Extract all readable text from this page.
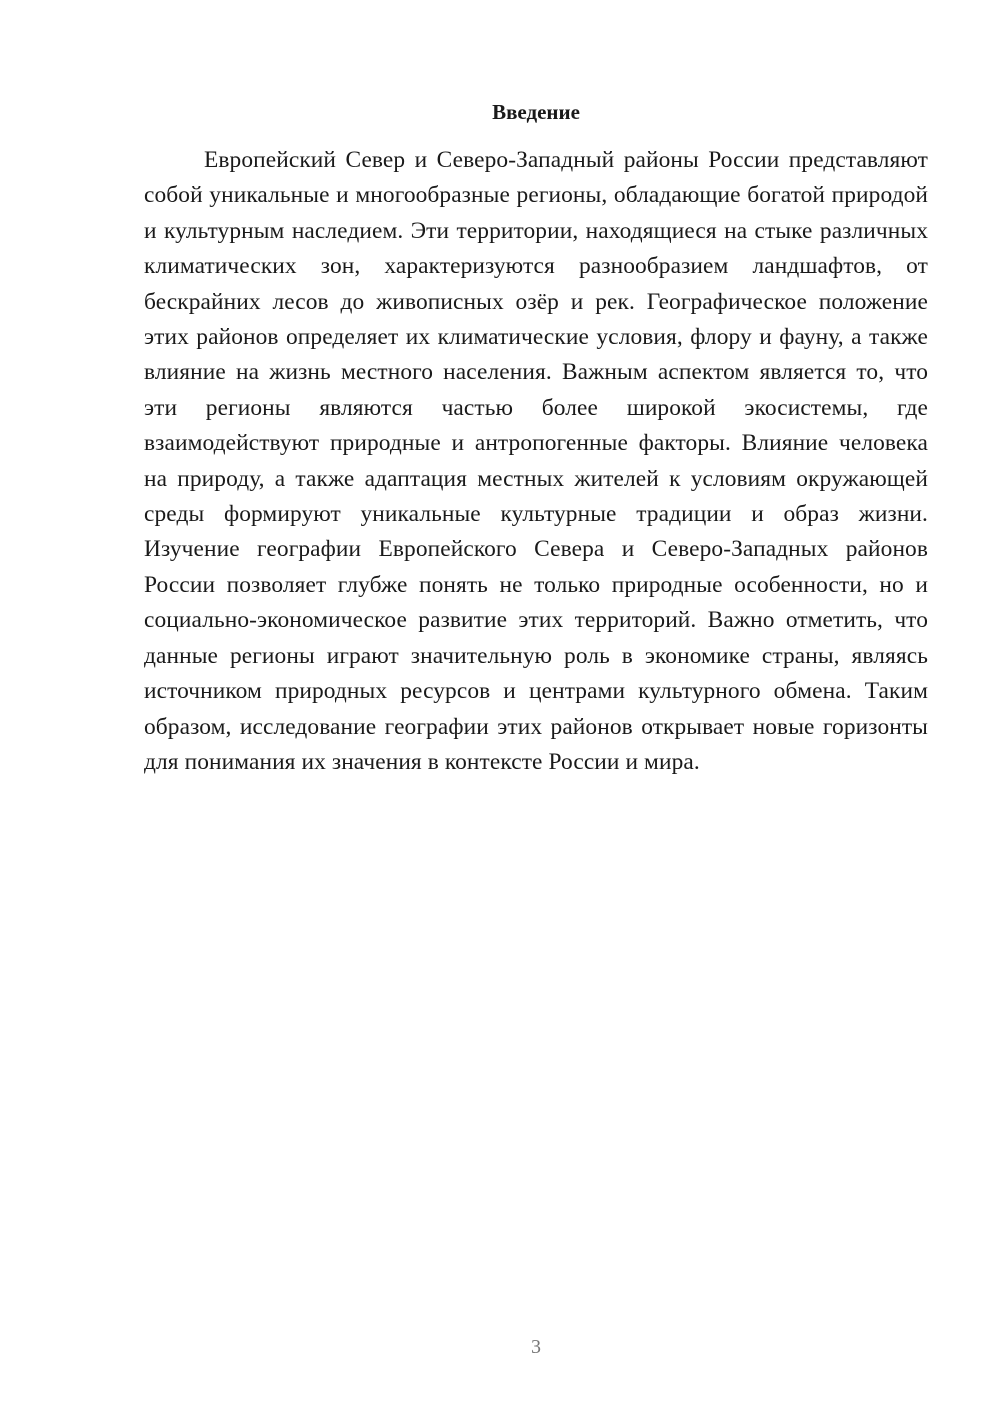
Введение

Европейский Север и Северо-Западный районы России представляют собой уникальные и многообразные регионы, обладающие богатой природой и культурным наследием. Эти территории, находящиеся на стыке различных климатических зон, характеризуются разнообразием ландшафтов, от бескрайних лесов до живописных озёр и рек. Географическое положение этих районов определяет их климатические условия, флору и фауну, а также влияние на жизнь местного населения. Важным аспектом является то, что эти регионы являются частью более широкой экосистемы, где взаимодействуют природные и антропогенные факторы. Влияние человека на природу, а также адаптация местных жителей к условиям окружающей среды формируют уникальные культурные традиции и образ жизни. Изучение географии Европейского Севера и Северо-Западных районов России позволяет глубже понять не только природные особенности, но и социально-экономическое развитие этих территорий. Важно отметить, что данные регионы играют значительную роль в экономике страны, являясь источником природных ресурсов и центрами культурного обмена. Таким образом, исследование географии этих районов открывает новые горизонты для понимания их значения в контексте России и мира.

3
